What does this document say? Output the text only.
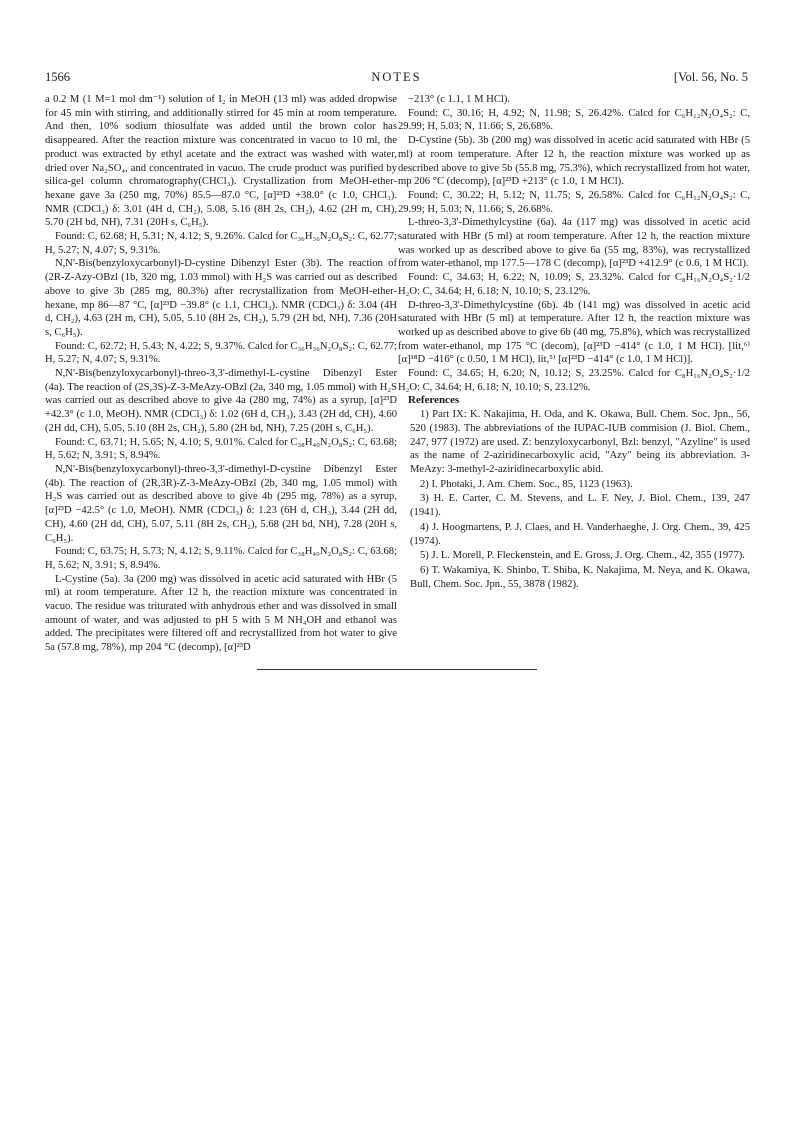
1566	NOTES	[Vol. 56, No. 5

a 0.2 M (1 M=1 mol dm⁻¹) solution of I₂ in MeOH (13 ml) was added dropwise for 45 min with stirring, and additionally stirred for 45 min at room temperature. And then, 10% sodium thiosulfate was added until the brown color has disappeared. After the reaction mixture was concentrated in vacuo to 10 ml, the product was extracted by ethyl acetate and the extract was washed with water, dried over Na₂SO₄, and concentrated in vacuo. The crude product was purified by silica-gel column chromatography(CHCl₃). Crystallization from MeOH-ether-hexane gave 3a (250 mg, 70%) 85.5—87.0 °C, [α]²³D +38.0° (c 1.0, CHCl₃). NMR (CDCl₃) δ: 3.01 (4H d, CH₂), 5.08, 5.16 (8H 2s, CH₂), 4.62 (2H m, CH), 5.70 (2H bd, NH), 7.31 (20H s, C₆H₅).

Found: C, 62.68; H, 5.31; N, 4.12; S, 9.26%. Calcd for C₃₆H₃₆N₂O₈S₂: C, 62.77; H, 5.27; N, 4.07; S, 9.31%.

N,N'-Bis(benzyloxycarbonyl)-D-cystine Dibenzyl Ester (3b). The reaction of (2R-Z-Azy-OBzl (1b, 320 mg, 1.03 mmol) with H₂S was carried out as described above to give 3b (285 mg, 80.3%) after recrystallization from MeOH-ether-hexane, mp 86—87 °C, [α]²³D −39.8° (c 1.1, CHCl₃). NMR (CDCl₃) δ: 3.04 (4H d, CH₂), 4.63 (2H m, CH), 5.05, 5.10 (8H 2s, CH₂), 5.79 (2H bd, NH), 7.36 (20H s, C₆H₅).

Found: C, 62.72; H, 5.43; N, 4.22; S, 9.37%. Calcd for C₃₆H₃₆N₂O₈S₂: C, 62.77; H, 5.27; N, 4.07; S, 9.31%.

N,N'-Bis(benzyloxycarbonyl)-threo-3,3'-dimethyl-L-cystine Dibenzyl Ester (4a). The reaction of (2S,3S)-Z-3-MeAzy-OBzl (2a, 340 mg, 1.05 mmol) with H₂S was carried out as described above to give 4a (280 mg, 74%) as a syrup, [α]²³D +42.3° (c 1.0, MeOH). NMR (CDCl₃) δ: 1.02 (6H d, CH₃), 3.43 (2H dd, CH), 4.60 (2H dd, CH), 5.05, 5.10 (8H 2s, CH₂), 5.80 (2H bd, NH), 7.25 (20H s, C₆H₅).

Found: C, 63.71; H, 5.65; N, 4.10; S, 9.01%. Calcd for C₃₈H₄₀N₂O₈S₂: C, 63.68; H, 5.62; N, 3.91; S, 8.94%.

N,N'-Bis(benzyloxycarbonyl)-threo-3,3'-dimethyl-D-cystine Dibenzyl Ester (4b). The reaction of (2R,3R)-Z-3-MeAzy-OBzl (2b, 340 mg, 1.05 mmol) with H₂S was carried out as described above to give 4b (295 mg, 78%) as a syrup, [α]²³D −42.5° (c 1.0, MeOH). NMR (CDCl₃) δ: 1.23 (6H d, CH₃), 3.44 (2H dd, CH), 4.60 (2H dd, CH), 5.07, 5.11 (8H 2s, CH₂), 5.68 (2H bd, NH), 7.28 (20H s, C₆H₅).

Found: C, 63.75; H, 5.73; N, 4.12; S, 9.11%. Calcd for C₃₈H₄₀N₂O₈S₂: C, 63.68; H, 5.62; N, 3.91; S, 8.94%.

L-Cystine (5a). 3a (200 mg) was dissolved in acetic acid saturated with HBr (5 ml) at room temperature. After 12 h, the reaction mixture was concentrated in vacuo. The residue was triturated with anhydrous ether and was dissolved in small amount of water, and was adjusted to pH 5 with 5 M NH₄OH and ethanol was added. The precipitates were filtered off and recrystallized from hot water to give 5a (57.8 mg, 78%), mp 204 °C (decomp), [α]²³D

−213° (c 1.1, 1 M HCl).

Found: C, 30.16; H, 4.92; N, 11.98; S, 26.42%. Calcd for C₆H₁₂N₂O₄S₂: C, 29.99; H, 5.03; N, 11.66; S, 26.68%.

D-Cystine (5b). 3b (200 mg) was dissolved in acetic acid saturated with HBr (5 ml) at room temperature. After 12 h, the reaction mixture was worked up as described above to give 5b (55.8 mg, 75.3%), which recrystallized from hot water, mp 206 °C (decomp), [α]²³D +213° (c 1.0, 1 M HCl).

Found: C, 30.22; H, 5.12; N, 11.75; S, 26.58%. Calcd for C₆H₁₂N₂O₄S₂: C, 29.99; H, 5.03; N, 11.66; S, 26.68%.

L-threo-3,3'-Dimethylcystine (6a). 4a (117 mg) was dissolved in acetic acid saturated with HBr (5 ml) at room temperature. After 12 h, the reaction mixture was worked up as described above to give 6a (55 mg, 83%), was recrystallized from water-ethanol, mp 177.5—178 C (decomp), [α]²³D +412.9° (c 0.6, 1 M HCl).

Found: C, 34.63; H, 6.22; N, 10.09; S, 23.32%. Calcd for C₈H₁₆N₂O₄S₂·1/2 H₂O: C, 34.64; H, 6.18; N, 10.10; S, 23.12%.

D-threo-3,3'-Dimethylcystine (6b). 4b (141 mg) was dissolved in acetic acid saturated with HBr (5 ml) at temperature. After 12 h, the reaction mixture was worked up as described above to give 6b (40 mg, 75.8%), which was recrystallized from water-ethanol, mp 175 °C (decom), [α]²³D −414° (c 1.0, 1 M HCl). [lit,⁶⁾ [α]¹⁸D −416° (c 0.50, 1 M HCl), lit,⁵⁾ [α]²³D −414° (c 1.0, 1 M HCl)].

Found: C, 34.65; H, 6.20; N, 10.12; S, 23.25%. Calcd for C₈H₁₆N₂O₄S₂·1/2 H₂O: C, 34.64; H, 6.18; N, 10.10; S, 23.12%.

References

1) Part IX: K. Nakajima, H. Oda, and K. Okawa, Bull. Chem. Soc. Jpn., 56, 520 (1983). The abbreviations of the IUPAC-IUB commision (J. Biol. Chem., 247, 977 (1972) are used. Z: benzyloxycarbonyl, Bzl: benzyl, "Azyline" is used as the name of 2-aziridinecarboxylic acid, "Azy" being its abbreviation. 3-MeAzy: 3-methyl-2-aziridinecarboxylic abid.

2) I. Photaki, J. Am. Chem. Soc., 85, 1123 (1963).

3) H. E. Carter, C. M. Stevens, and L. F. Ney, J. Biol. Chem., 139, 247 (1941).

4) J. Hoogmartens, P. J. Claes, and H. Vanderhaeghe, J. Org. Chem., 39, 425 (1974).

5) J. L. Morell, P. Fleckenstein, and E. Gross, J. Org. Chem., 42, 355 (1977).

6) T. Wakamiya, K. Shinbo, T. Shiba, K. Nakajima, M. Neya, and K. Okawa, Bull. Chem. Soc. Jpn., 55, 3878 (1982).
